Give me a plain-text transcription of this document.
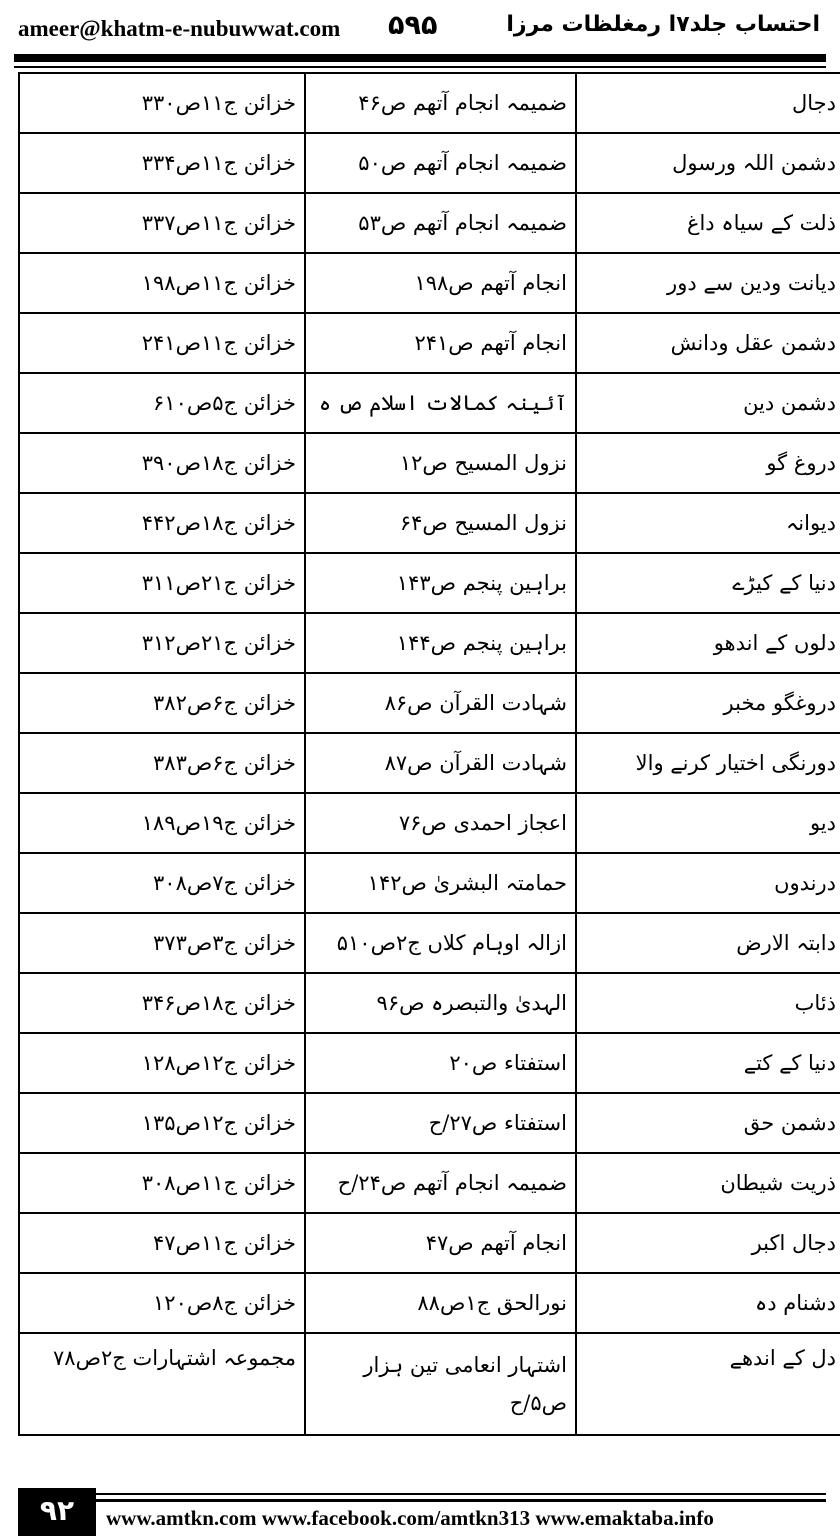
ameer@khatm-e-nubuwwat.com ۵۹۵	احتساب جلد۷ا رمغلظات مرزا
دجال	ضمیمہ انجام آتھم ص۴۶	خزائن ج۱۱ص۳۳۰
دشمن اللہ ورسول	ضمیمہ انجام آتھم ص۵۰	خزائن ج۱۱ص۳۳۴
ذلت کے سیاہ داغ	ضمیمہ انجام آتھم ص۵۳	خزائن ج۱۱ص۳۳۷
دیانت ودین سے دور	انجام آتھم ص۱۹۸	خزائن ج۱۱ص۱۹۸
دشمن عقل ودانش	انجام آتھم ص۲۴۱	خزائن ج۱۱ص۲۴۱
دشمن دین	آئینہ کمالات اسلام ص ہ	خزائن ج۵ص۶۱۰
دروغ گو	نزول المسیح ص۱۲	خزائن ج۱۸ص۳۹۰
دیوانہ	نزول المسیح ص۶۴	خزائن ج۱۸ص۴۴۲
دنیا کے کیڑے	براہین پنجم ص۱۴۳	خزائن ج۲۱ص۳۱۱
دلوں کے اندھو	براہین پنجم ص۱۴۴	خزائن ج۲۱ص۳۱۲
دروغگو مخبر	شہادت القرآن ص۸۶	خزائن ج۶ص۳۸۲
دورنگی اختیار کرنے والا	شہادت القرآن ص۸۷	خزائن ج۶ص۳۸۳
دیو	اعجاز احمدی ص۷۶	خزائن ج۱۹ص۱۸۹
درندوں	حمامتہ البشریٰ ص۱۴۲	خزائن ج۷ص۳۰۸
دابتہ الارض	ازالہ اوہام کلاں ج۲ص۵۱۰	خزائن ج۳ص۳۷۳
ذئاب	الہدیٰ والتبصرہ ص۹۶	خزائن ج۱۸ص۳۴۶
دنیا کے کتے	استفتاء ص۲۰	خزائن ج۱۲ص۱۲۸
دشمن حق	استفتاء ص۲۷/ح	خزائن ج۱۲ص۱۳۵
ذریت شیطان	ضمیمہ انجام آتھم ص۲۴/ح	خزائن ج۱۱ص۳۰۸
دجال اکبر	انجام آتھم ص۴۷	خزائن ج۱۱ص۴۷
دشنام دہ	نورالحق ج۱ص۸۸	خزائن ج۸ص۱۲۰
دل کے اندھے	اشتہار انعامی تین ہزار ص۵/ح	مجموعہ اشتہارات ج۲ص۷۸
۹۲	www.amtkn.com www.facebook.com/amtkn313 www.emaktaba.info
